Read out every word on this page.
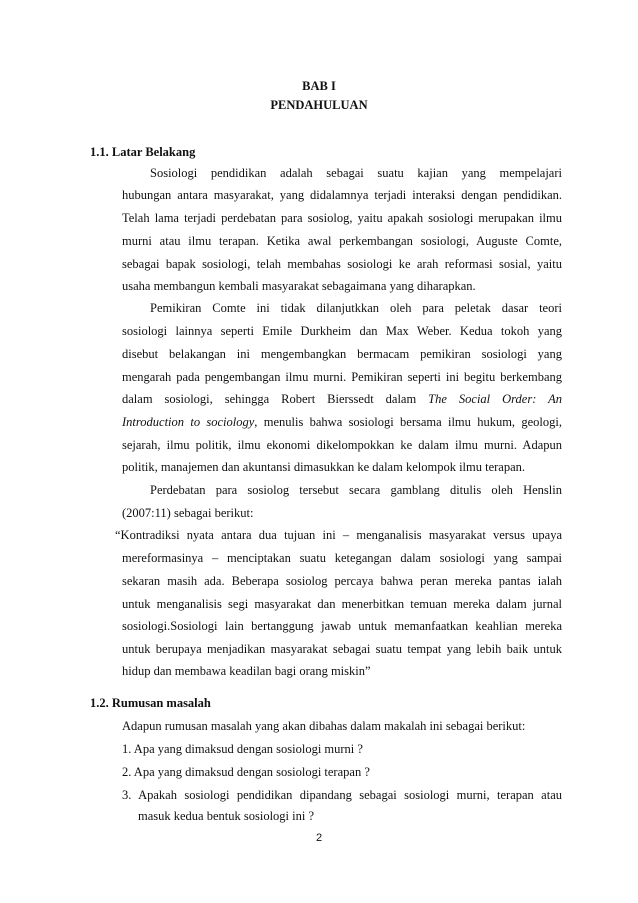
BAB I
PENDAHULUAN
1.1. Latar Belakang
Sosiologi pendidikan adalah sebagai suatu kajian yang mempelajari
hubungan antara masyarakat, yang didalamnya terjadi interaksi dengan pendidikan.
Telah lama terjadi perdebatan para sosiolog, yaitu apakah sosiologi merupakan ilmu
murni atau ilmu terapan. Ketika awal perkembangan sosiologi, Auguste Comte,
sebagai bapak sosiologi, telah membahas sosiologi ke arah reformasi sosial, yaitu
usaha membangun kembali masyarakat sebagaimana yang diharapkan.
Pemikiran Comte ini tidak dilanjutkkan oleh para peletak dasar teori
sosiologi lainnya seperti Emile Durkheim dan Max Weber. Kedua tokoh yang
disebut belakangan ini mengembangkan bermacam pemikiran sosiologi yang
mengarah pada pengembangan ilmu murni. Pemikiran seperti ini begitu berkembang
dalam sosiologi, sehingga Robert Bierssedt dalam The Social Order: An
Introduction to sociology, menulis bahwa sosiologi bersama ilmu hukum, geologi,
sejarah, ilmu politik, ilmu ekonomi dikelompokkan ke dalam ilmu murni. Adapun
politik, manajemen dan akuntansi dimasukkan ke dalam kelompok ilmu terapan.
Perdebatan para sosiolog tersebut secara gamblang ditulis oleh Henslin
(2007:11) sebagai berikut:
“Kontradiksi nyata antara dua tujuan ini – menganalisis masyarakat versus upaya
mereformasinya – menciptakan suatu ketegangan dalam sosiologi yang sampai
sekaran masih ada. Beberapa sosiolog percaya bahwa peran mereka pantas ialah
untuk menganalisis segi masyarakat dan menerbitkan temuan mereka dalam jurnal
sosiologi.Sosiologi lain bertanggung jawab untuk memanfaatkan keahlian mereka
untuk berupaya menjadikan masyarakat sebagai suatu tempat yang lebih baik untuk
hidup dan membawa keadilan bagi orang miskin”
1.2. Rumusan masalah
Adapun rumusan masalah yang akan dibahas dalam makalah ini sebagai berikut:
1. Apa yang dimaksud dengan sosiologi murni ?
2. Apa yang dimaksud dengan sosiologi terapan ?
3. Apakah sosiologi pendidikan dipandang sebagai sosiologi murni, terapan atau
masuk kedua bentuk sosiologi ini ?
2
